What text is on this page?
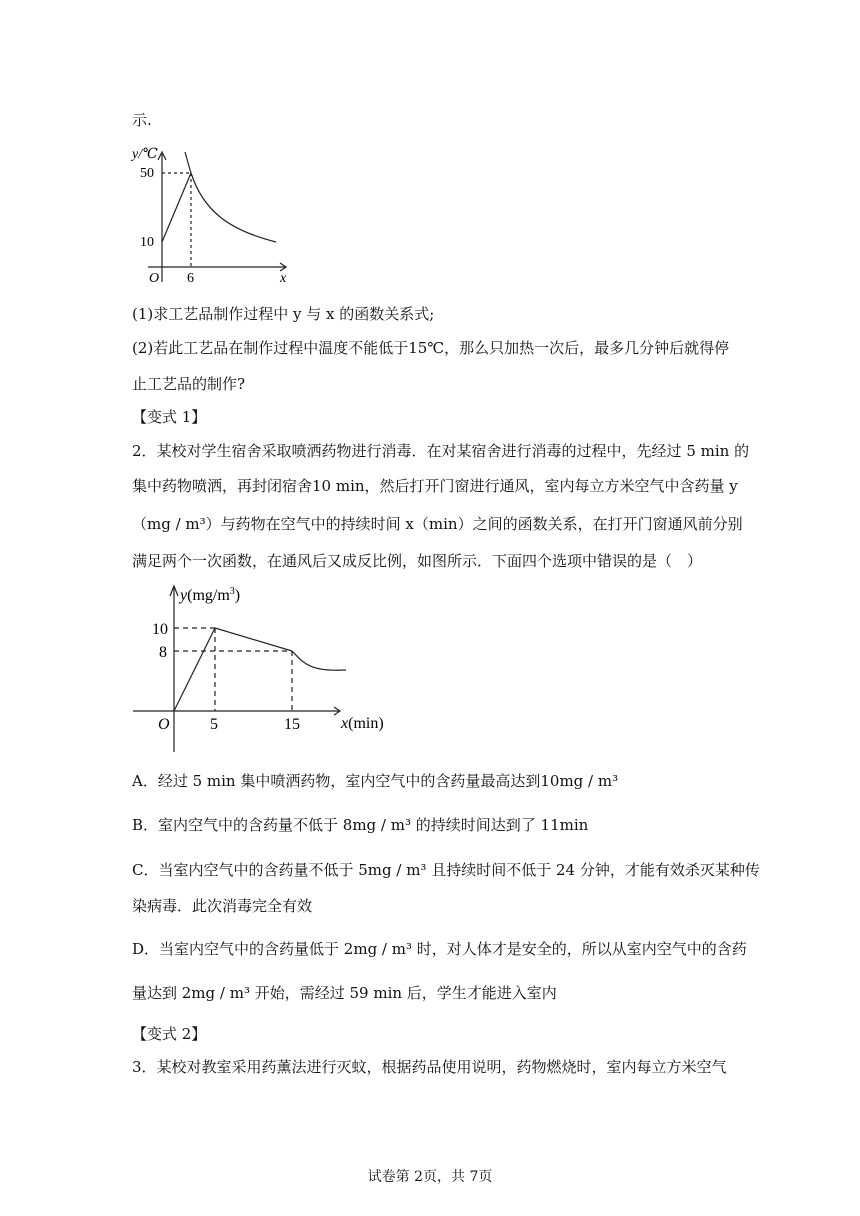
示.
y/℃
50
10
O 6	x
(1)求工艺品制作过程中 y 与 x 的函数关系式;
(2)若此工艺品在制作过程中温度不能低于15℃，那么只加热一次后，最多几分钟后就得停
止工艺品的制作?
【变式 1】
2．某校对学生宿舍采取喷洒药物进行消毒．在对某宿舍进行消毒的过程中，先经过 5 min 的
集中药物喷洒，再封闭宿舍10 min，然后打开门窗进行通风，室内每立方米空气中含药量 y
（mg / m³）与药物在空气中的持续时间 x（min）之间的函数关系，在打开门窗通风前分别
满足两个一次函数，在通风后又成反比例，如图所示．下面四个选项中错误的是（　）
$y(mg/m^3)$
10
8
O	5	15	x(min)
A．经过 5 min 集中喷洒药物，室内空气中的含药量最高达到10mg / m³
B．室内空气中的含药量不低于 8mg / m³ 的持续时间达到了 11min
C．当室内空气中的含药量不低于 5mg / m³ 且持续时间不低于 24 分钟，才能有效杀灭某种传
染病毒．此次消毒完全有效
D．当室内空气中的含药量低于 2mg / m³ 时，对人体才是安全的，所以从室内空气中的含药
量达到 2mg / m³ 开始，需经过 59 min 后，学生才能进入室内
【变式 2】
3．某校对教室采用药薰法进行灭蚊，根据药品使用说明，药物燃烧时，室内每立方米空气
试卷第 2页，共 7页
